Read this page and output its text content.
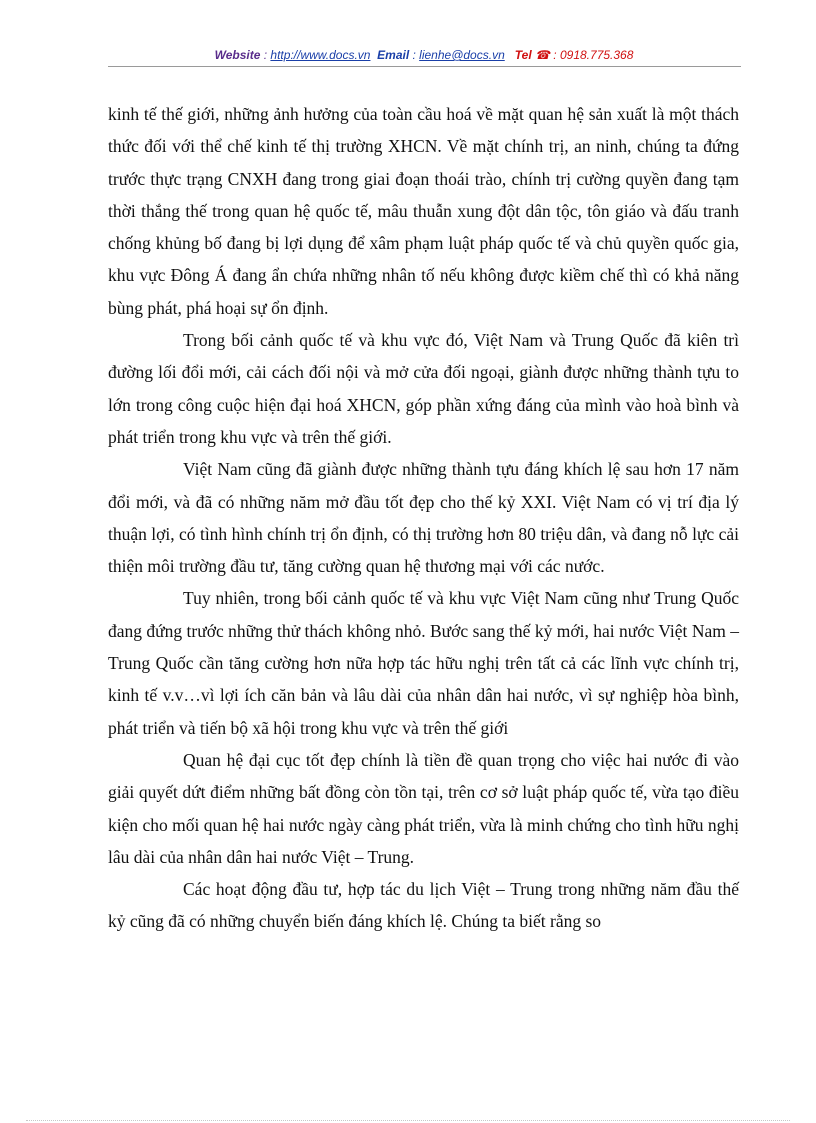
Website : http://www.docs.vn Email : lienhe@docs.vn Tel ☎ : 0918.775.368

kinh tế thế giới, những ảnh hưởng của toàn cầu hoá về mặt quan hệ sản xuất là một thách thức đối với thể chế kinh tế thị trường XHCN. Về mặt chính trị, an ninh, chúng ta đứng trước thực trạng CNXH đang trong giai đoạn thoái trào, chính trị cường quyền đang tạm thời thắng thế trong quan hệ quốc tế, mâu thuẫn xung đột dân tộc, tôn giáo và đấu tranh chống khủng bố đang bị lợi dụng để xâm phạm luật pháp quốc tế và chủ quyền quốc gia, khu vực Đông Á đang ẩn chứa những nhân tố nếu không được kiềm chế thì có khả năng bùng phát, phá hoại sự ổn định.

Trong bối cảnh quốc tế và khu vực đó, Việt Nam và Trung Quốc đã kiên trì đường lối đổi mới, cải cách đối nội và mở cửa đối ngoại, giành được những thành tựu to lớn trong công cuộc hiện đại hoá XHCN, góp phần xứng đáng của mình vào hoà bình và phát triển trong khu vực và trên thế giới.

Việt Nam cũng đã giành được những thành tựu đáng khích lệ sau hơn 17 năm đổi mới, và đã có những năm mở đầu tốt đẹp cho thế kỷ XXI. Việt Nam có vị trí địa lý thuận lợi, có tình hình chính trị ổn định, có thị trường hơn 80 triệu dân, và đang nỗ lực cải thiện môi trường đầu tư, tăng cường quan hệ thương mại với các nước.

Tuy nhiên, trong bối cảnh quốc tế và khu vực Việt Nam cũng như Trung Quốc đang đứng trước những thử thách không nhỏ. Bước sang thế kỷ mới, hai nước Việt Nam – Trung Quốc cần tăng cường hơn nữa hợp tác hữu nghị trên tất cả các lĩnh vực chính trị, kinh tế v.v…vì lợi ích căn bản và lâu dài của nhân dân hai nước, vì sự nghiệp hòa bình, phát triển và tiến bộ xã hội trong khu vực và trên thế giới

Quan hệ đại cục tốt đẹp chính là tiền đề quan trọng cho việc hai nước đi vào giải quyết dứt điểm những bất đồng còn tồn tại, trên cơ sở luật pháp quốc tế, vừa tạo điều kiện cho mối quan hệ hai nước ngày càng phát triển, vừa là minh chứng cho tình hữu nghị lâu dài của nhân dân hai nước Việt – Trung.

Các hoạt động đầu tư, hợp tác du lịch Việt – Trung trong những năm đầu thế kỷ cũng đã có những chuyển biến đáng khích lệ. Chúng ta biết rằng so
